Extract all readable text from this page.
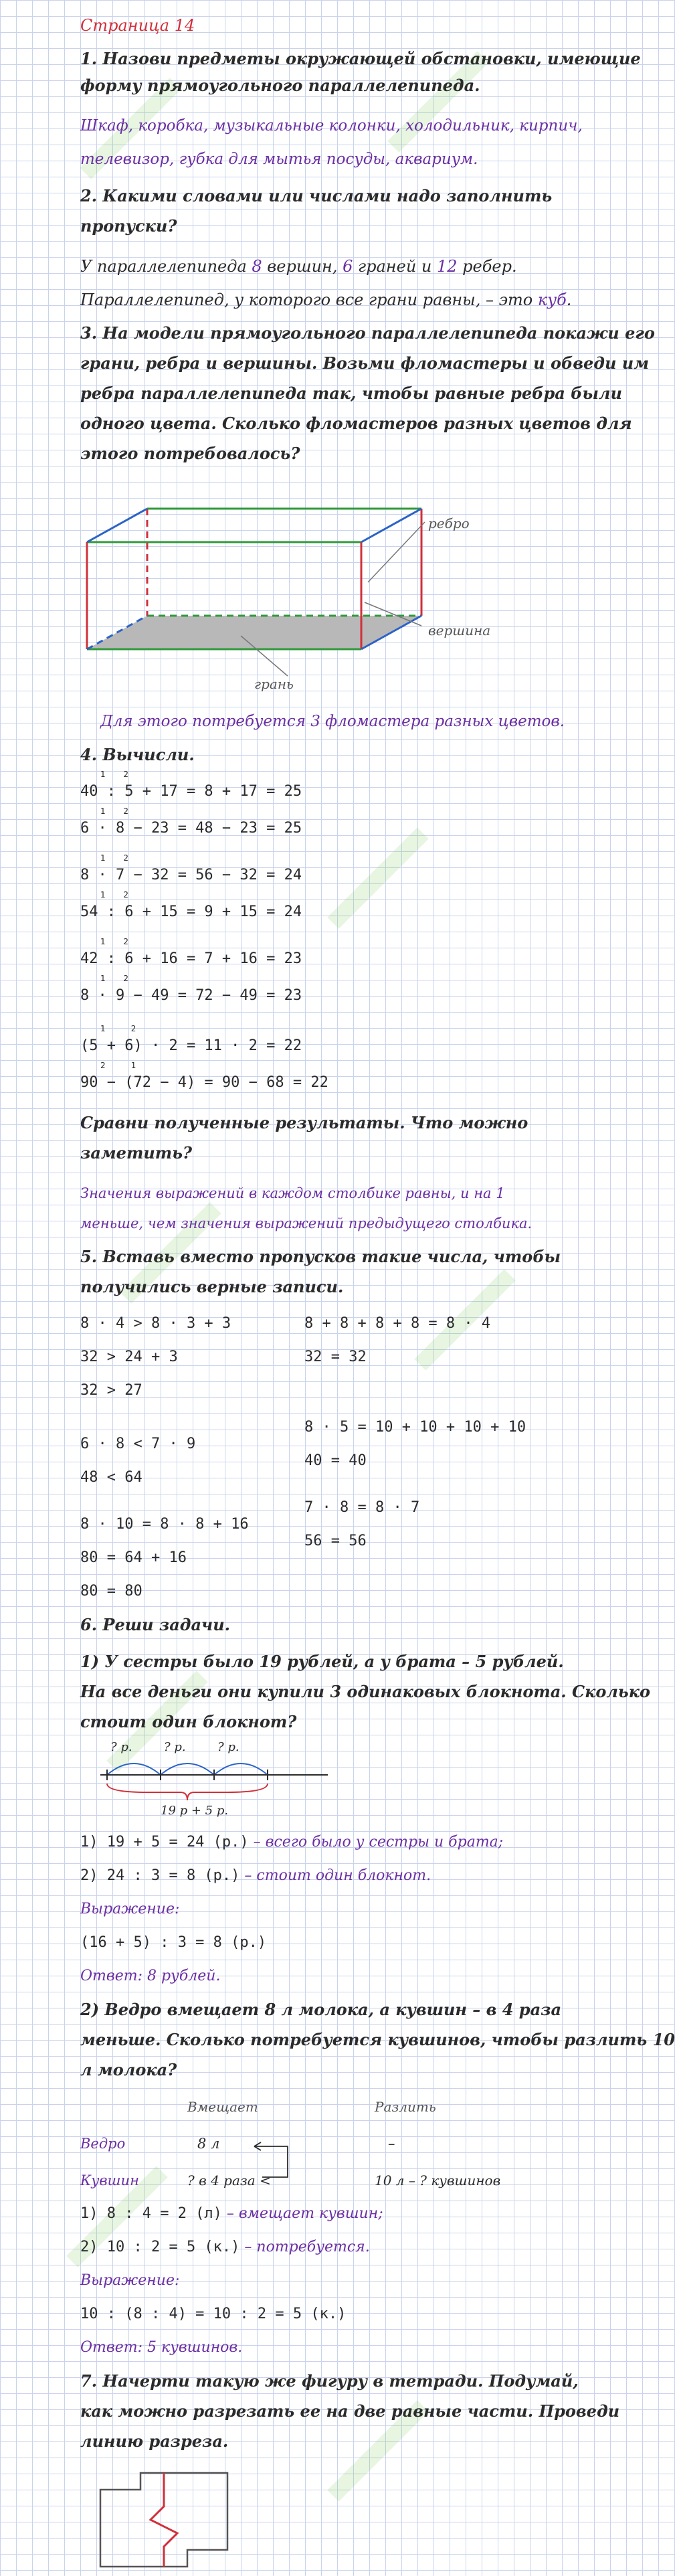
Страница 14
1. Назови предметы окружающей обстановки, имеющие
форму прямоугольного параллелепипеда.
Шкаф, коробка, музыкальные колонки, холодильник, кирпич,
телевизор, губка для мытья посуды, аквариум.
2. Какими словами или числами надо заполнить
пропуски?
У параллелепипеда 8 вершин, 6 граней и 12 ребер.
Параллелепипед, у которого все грани равны, – это куб.
3. На модели прямоугольного параллелепипеда покажи его
грани, ребра и вершины. Возьми фломастеры и обведи им
ребра параллелепипеда так, чтобы равные ребра были
одного цвета. Сколько фломастеров разных цветов для
этого потребовалось?
ребро
вершина
грань
Для этого потребуется 3 фломастера разных цветов.
4. Вычисли.
1       2
40 : 5 + 17 = 8 + 17 = 25
1       2
6 · 8 − 23 = 48 − 23 = 25
1       2
8 · 7 − 32 = 56 − 32 = 24
1       2
54 : 6 + 15 = 9 + 15 = 24
1       2
42 : 6 + 16 = 7 + 16 = 23
1       2
8 · 9 − 49 = 72 − 49 = 23
1          2
(5 + 6) · 2 = 11 · 2 = 22
2          1
90 − (72 − 4) = 90 − 68 = 22
Сравни полученные результаты. Что можно
заметить?
Значения выражений в каждом столбике равны, и на 1
меньше, чем значения выражений предыдущего столбика.
5. Вставь вместо пропусков такие числа, чтобы
получились верные записи.
8 · 4 > 8 · 3 + 3
32 > 24 + 3
32 > 27
6 · 8 < 7 · 9
48 < 64
8 · 10 = 8 · 8 + 16
80 = 64 + 16
80 = 80
8 + 8 + 8 + 8 = 8 · 4
32 = 32
8 · 5 = 10 + 10 + 10 + 10
40 = 40
7 · 8 = 8 · 7
56 = 56
6. Реши задачи.
1) У сестры было 19 рублей, а у брата – 5 рублей.
На все деньги они купили 3 одинаковых блокнота. Сколько
стоит один блокнот?
? р.	? р.	? р.
19 р + 5 р.
1) 19 + 5 = 24 (р.) – всего было у сестры и брата;
2) 24 : 3 = 8 (р.) – стоит один блокнот.
Выражение:
(16 + 5) : 3 = 8 (р.)
Ответ: 8 рублей.
2) Ведро вмещает 8 л молока, а кувшин – в 4 раза
меньше. Сколько потребуется кувшинов, чтобы разлить 10
л молока?
Вмещает	Разлить
Ведро	8 л	–
Кувшин	? в 4 раза <	10 л – ? кувшинов
1) 8 : 4 = 2 (л) – вмещает кувшин;
2) 10 : 2 = 5 (к.) – потребуется.
Выражение:
10 : (8 : 4) = 10 : 2 = 5 (к.)
Ответ: 5 кувшинов.
7. Начерти такую же фигуру в тетради. Подумай,
как можно разрезать ее на две равные части. Проведи
линию разреза.
